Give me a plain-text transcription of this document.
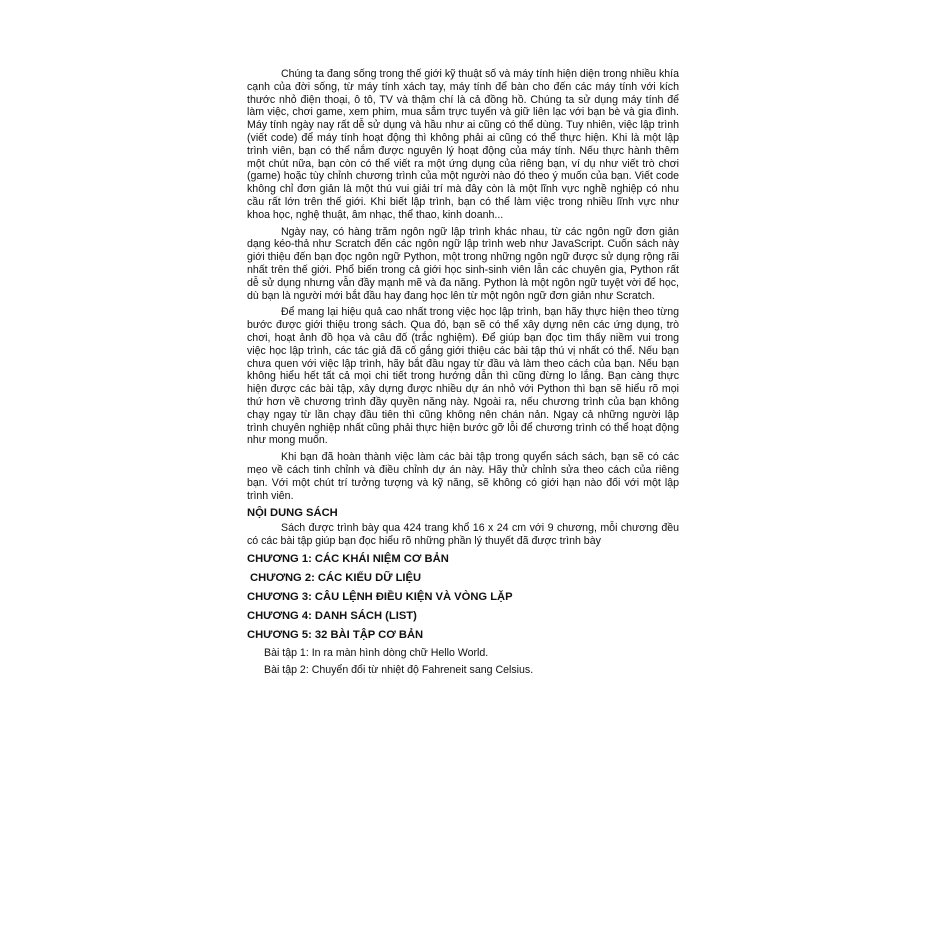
Chúng ta đang sống trong thế giới kỹ thuật số và máy tính hiện diện trong nhiều khía cạnh của đời sống, từ máy tính xách tay, máy tính để bàn cho đến các máy tính với kích thước nhỏ điện thoại, ô tô, TV và thậm chí là cả đồng hồ. Chúng ta sử dụng máy tính để làm việc, chơi game, xem phim, mua sắm trực tuyến và giữ liên lạc với bạn bè và gia đình. Máy tính ngày nay rất dễ sử dụng và hầu như ai cũng có thể dùng. Tuy nhiên, việc lập trình (viết code) để máy tính hoạt động thì không phải ai cũng có thể thực hiện. Khi là một lập trình viên, bạn có thể nắm được nguyên lý hoạt động của máy tính. Nếu thực hành thêm một chút nữa, bạn còn có thể viết ra một ứng dụng của riêng bạn, ví dụ như viết trò chơi (game) hoặc tùy chỉnh chương trình của một người nào đó theo ý muốn của bạn. Viết code không chỉ đơn giản là một thú vui giải trí mà đây còn là một lĩnh vực nghề nghiệp có nhu cầu rất lớn trên thế giới. Khi biết lập trình, bạn có thể làm việc trong nhiều lĩnh vực như khoa học, nghệ thuật, âm nhạc, thể thao, kinh doanh...

Ngày nay, có hàng trăm ngôn ngữ lập trình khác nhau, từ các ngôn ngữ đơn giản dạng kéo-thả như Scratch đến các ngôn ngữ lập trình web như JavaScript. Cuốn sách này giới thiệu đến bạn đọc ngôn ngữ Python, một trong những ngôn ngữ được sử dụng rộng rãi nhất trên thế giới. Phổ biến trong cả giới học sinh-sinh viên lẫn các chuyên gia, Python rất dễ sử dụng nhưng vẫn đầy mạnh mẽ và đa năng. Python là một ngôn ngữ tuyệt vời để học, dù bạn là người mới bắt đầu hay đang học lên từ một ngôn ngữ đơn giản như Scratch.

Để mang lại hiệu quả cao nhất trong việc học lập trình, bạn hãy thực hiện theo từng bước được giới thiệu trong sách. Qua đó, bạn sẽ có thể xây dựng nên các ứng dụng, trò chơi, hoạt ảnh đồ họa và câu đố (trắc nghiệm). Để giúp bạn đọc tìm thấy niềm vui trong việc học lập trình, các tác giả đã cố gắng giới thiệu các bài tập thú vị nhất có thể. Nếu bạn chưa quen với việc lập trình, hãy bắt đầu ngay từ đầu và làm theo cách của bạn. Nếu bạn không hiểu hết tất cả mọi chi tiết trong hướng dẫn thì cũng đừng lo lắng. Bạn càng thực hiện được các bài tập, xây dựng được nhiều dự án nhỏ với Python thì bạn sẽ hiểu rõ mọi thứ hơn về chương trình đầy quyền năng này. Ngoài ra, nếu chương trình của bạn không chạy ngay từ lần chạy đầu tiên thì cũng không nên chán nản. Ngay cả những người lập trình chuyên nghiệp nhất cũng phải thực hiện bước gỡ lỗi để chương trình có thể hoạt động như mong muốn.

Khi bạn đã hoàn thành việc làm các bài tập trong quyển sách sách, bạn sẽ có các mẹo về cách tinh chỉnh và điều chỉnh dự án này. Hãy thử chỉnh sửa theo cách của riêng bạn. Với một chút trí tưởng tượng và kỹ năng, sẽ không có giới hạn nào đối với một lập trình viên.

NỘI DUNG SÁCH

Sách được trình bày qua 424 trang khổ 16 x 24 cm với 9 chương, mỗi chương đều có các bài tập giúp bạn đọc hiểu rõ những phần lý thuyết đã được trình bày

CHƯƠNG 1: CÁC KHÁI NIỆM CƠ BẢN
CHƯƠNG 2: CÁC KIỂU DỮ LIỆU
CHƯƠNG 3: CÂU LỆNH ĐIỀU KIỆN VÀ VÒNG LẶP
CHƯƠNG 4: DANH SÁCH (LIST)
CHƯƠNG 5: 32 BÀI TẬP CƠ BẢN
Bài tập 1: In ra màn hình dòng chữ Hello World.
Bài tập 2: Chuyển đổi từ nhiệt độ Fahreneit sang Celsius.
